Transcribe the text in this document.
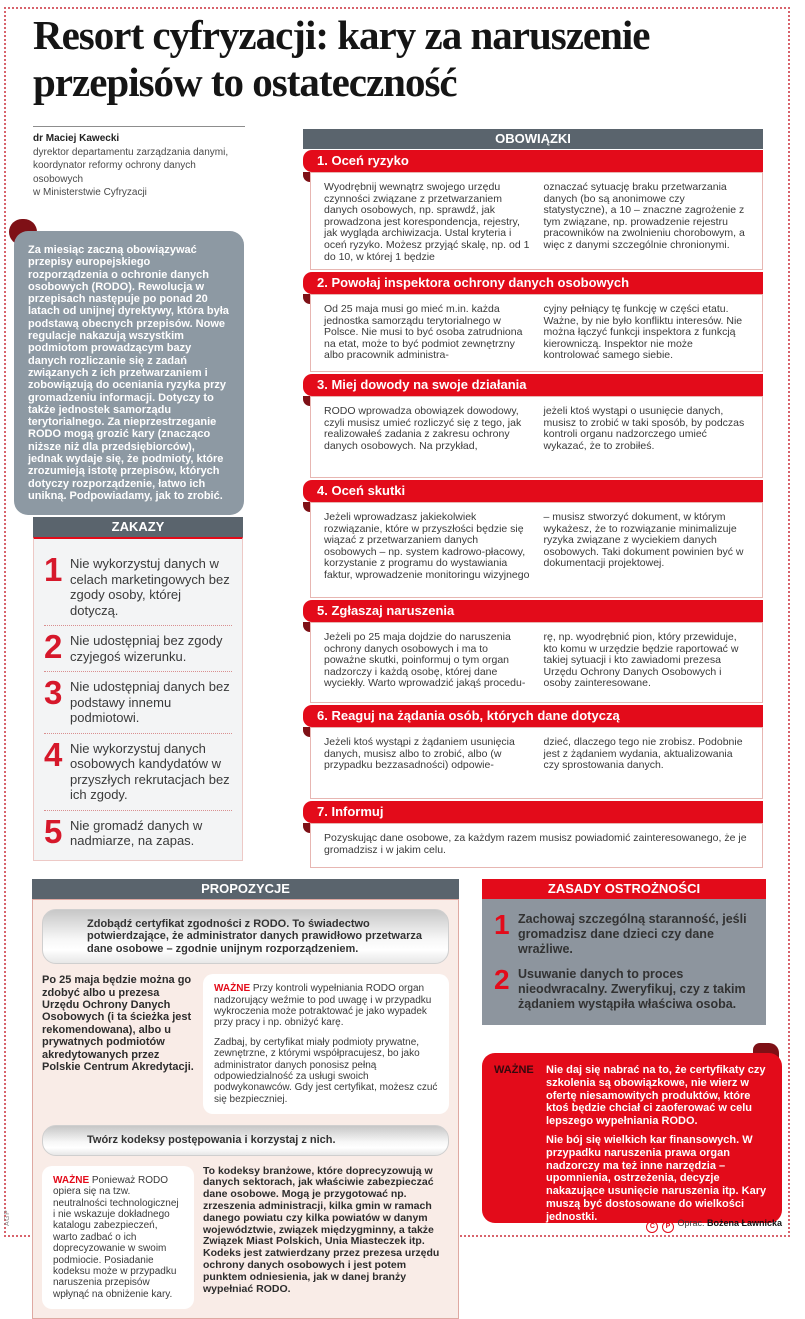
Resort cyfryzacji: kary za naruszenie
przepisów to ostateczność
dr Maciej Kawecki
dyrektor departamentu zarządzania danymi,
koordynator reformy ochrony danych osobowych
w Ministerstwie Cyfryzacji
Za miesiąc zaczną obowiązywać przepisy europejskiego rozporządzenia o ochronie danych osobowych (RODO). Rewolucja w przepisach następuje po ponad 20 latach od unijnej dyrektywy, która była podstawą obecnych przepisów. Nowe regulacje nakazują wszystkim podmiotom prowadzącym bazy danych rozliczanie się z zadań związanych z ich przetwarzaniem i zobowiązują do oceniania ryzyka przy gromadzeniu informacji. Dotyczy to także jednostek samorządu terytorialnego. Za nieprzestrzeganie RODO mogą grozić kary (znacząco niższe niż dla przedsiębiorców), jednak wydaje się, że podmioty, które zrozumieją istotę przepisów, których dotyczy rozporządzenie, łatwo ich unikną. Podpowiadamy, jak to zrobić.
ZAKAZY
1 Nie wykorzystuj danych w celach marketingowych bez zgody osoby, której dotyczą.
2 Nie udostępniaj bez zgody czyjegoś wizerunku.
3 Nie udostępniaj danych bez podstawy innemu podmiotowi.
4 Nie wykorzystuj danych osobowych kandydatów w przyszłych rekrutacjach bez ich zgody.
5 Nie gromadź danych w nadmiarze, na zapas.
OBOWIĄZKI
1. Oceń ryzyko
Wyodrębnij wewnątrz swojego urzędu czynności związane z przetwarzaniem danych osobowych, np. sprawdź, jak prowadzona jest korespondencja, rejestry, jak wygląda archiwizacja. Ustal kryteria i oceń ryzyko. Możesz przyjąć skalę, np. od 1 do 10, w której 1 będzie
oznaczać sytuację braku przetwarzania danych (bo są anonimowe czy statystyczne), a 10 – znaczne zagrożenie z tym związane, np. prowadzenie rejestru pracowników na zwolnieniu chorobowym, a więc z danymi szczególnie chronionymi.
2. Powołaj inspektora ochrony danych osobowych
Od 25 maja musi go mieć m.in. każda jednostka samorządu terytorialnego w Polsce. Nie musi to być osoba zatrudniona na etat, może to być podmiot zewnętrzny albo pracownik administra-
cyjny pełniący tę funkcję w części etatu. Ważne, by nie było konfliktu interesów. Nie można łączyć funkcji inspektora z funkcją kierowniczą. Inspektor nie może kontrolować samego siebie.
3. Miej dowody na swoje działania
RODO wprowadza obowiązek dowodowy, czyli musisz umieć rozliczyć się z tego, jak realizowałeś zadania z zakresu ochrony danych osobowych. Na przykład,
jeżeli ktoś wystąpi o usunięcie danych, musisz to zrobić w taki sposób, by podczas kontroli organu nadzorczego umieć wykazać, że to zrobiłeś.
4. Oceń skutki
Jeżeli wprowadzasz jakiekolwiek rozwiązanie, które w przyszłości będzie się wiązać z przetwarzaniem danych osobowych – np. system kadrowo-płacowy, korzystanie z programu do wystawiania faktur, wprowadzenie monitoringu wizyjnego
– musisz stworzyć dokument, w którym wykażesz, że to rozwiązanie minimalizuje ryzyka związane z wyciekiem danych osobowych. Taki dokument powinien być w dokumentacji projektowej.
5. Zgłaszaj naruszenia
Jeżeli po 25 maja dojdzie do naruszenia ochrony danych osobowych i ma to poważne skutki, poinformuj o tym organ nadzorczy i każdą osobę, której dane wyciekły. Warto wprowadzić jakąś procedu-
rę, np. wyodrębnić pion, który przewiduje, kto komu w urzędzie będzie raportować w takiej sytuacji i kto zawiadomi prezesa Urzędu Ochrony Danych Osobowych i osoby zainteresowane.
6. Reaguj na żądania osób, których dane dotyczą
Jeżeli ktoś wystąpi z żądaniem usunięcia danych, musisz albo to zrobić, albo (w przypadku bezzasadności) odpowie-
dzieć, dlaczego tego nie zrobisz. Podobnie jest z żądaniem wydania, aktualizowania czy sprostowania danych.
7. Informuj
Pozyskując dane osobowe, za każdym razem musisz powiadomić zainteresowanego, że je gromadzisz i w jakim celu.
PROPOZYCJE
Zdobądź certyfikat zgodności z RODO. To świadectwo potwierdzające, że administrator danych prawidłowo przetwarza dane osobowe – zgodnie unijnym rozporządzeniem.
Po 25 maja będzie można go zdobyć albo u prezesa Urzędu Ochrony Danych Osobowych (i ta ścieżka jest rekomendowana), albo u prywatnych podmiotów akredytowanych przez Polskie Centrum Akredytacji.

WAŻNE Przy kontroli wypełniania RODO organ nadzorujący weźmie to pod uwagę i w przypadku wykroczenia może potraktować je jako wypadek przy pracy i np. obniżyć karę.

Zadbaj, by certyfikat miały podmioty prywatne, zewnętrzne, z którymi współpracujesz, bo jako administrator danych ponosisz pełną odpowiedzialność za usługi swoich podwykonawców. Gdy jest certyfikat, możesz czuć się bezpieczniej.

Twórz kodeksy postępowania i korzystaj z nich.

WAŻNE Ponieważ RODO opiera się na tzw. neutralności technologicznej i nie wskazuje dokładnego katalogu zabezpieczeń, warto zadbać o ich doprecyzowanie w swoim podmiocie. Posiadanie kodeksu może w przypadku naruszenia przepisów wpłynąć na obniżenie kary.

To kodeksy branżowe, które doprecyzowują w danych sektorach, jak właściwie zabezpieczać dane osobowe. Mogą je przygotować np. zrzeszenia administracji, kilka gmin w ramach danego powiatu czy kilka powiatów w danym województwie, związek międzygminny, a także Związek Miast Polskich, Unia Miasteczek itp. Kodeks jest zatwierdzany przez prezesa urzędu ochrony danych osobowych i jest potem punktem odniesienia, jak w danej branży wypełniać RODO.
ZASADY OSTROŻNOŚCI
1 Zachowaj szczególną staranność, jeśli gromadzisz dane dzieci czy dane wrażliwe.
2 Usuwanie danych to proces nieodwracalny. Zweryfikuj, czy z takim żądaniem wystąpiła właściwa osoba.
WAŻNE	Nie daj się nabrać na to, że certyfikaty czy szkolenia są obowiązkowe, nie wierz w ofertę niesamowitych produktów, które ktoś będzie chciał ci zaoferować w celu lepszego wypełniania RODO.

Nie bój się wielkich kar finansowych. W przypadku naruszenia prawa organ nadzorczy ma też inne narzędzia – upomnienia, ostrzeżenia, decyzje nakazujące usunięcie naruszenia itp. Kary muszą być dostosowane do wielkości jednostki.

C P Oprac. Bożena Ławnicka
AGP
